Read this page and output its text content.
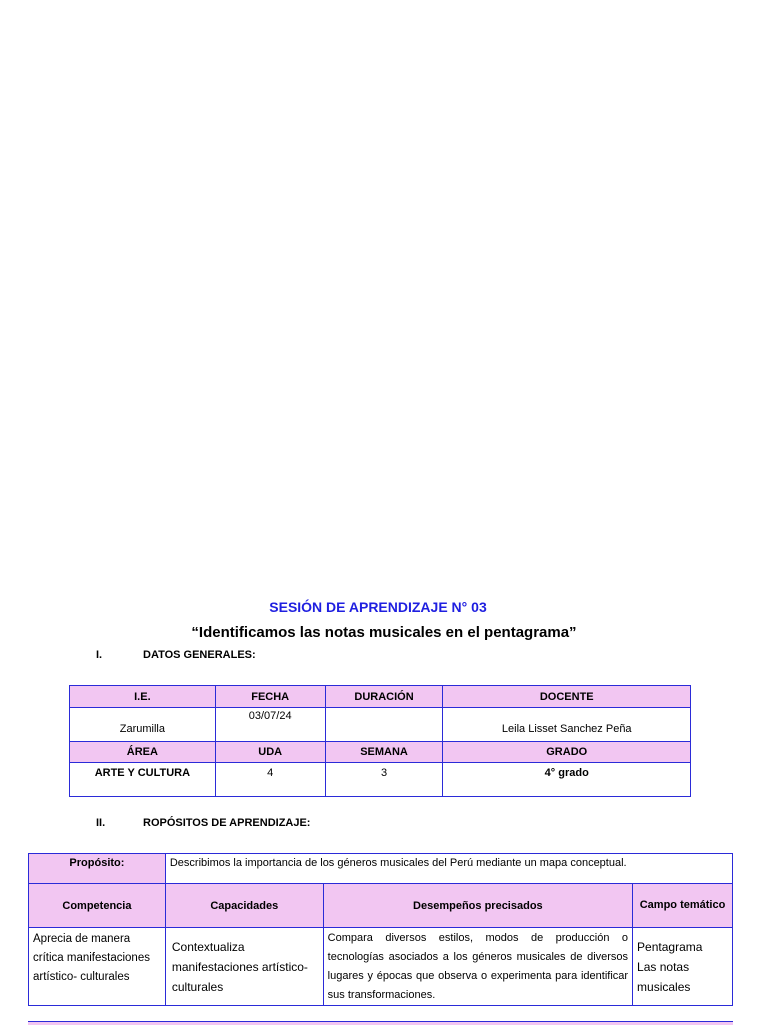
SESIÓN DE APRENDIZAJE N° 03
“Identificamos las notas musicales en el pentagrama”
I.	DATOS GENERALES:
I.E.	FECHA	DURACIÓN	DOCENTE
Zarumilla	03/07/24		Leila Lisset Sanchez Peña
ÁREA	UDA	SEMANA	GRADO
ARTE Y CULTURA	4	3	4° grado
II.	ROPÓSITOS DE APRENDIZAJE:
Propósito:	Describimos la importancia de los géneros musicales del Perú mediante un mapa conceptual.		
Competencia	Capacidades	Desempeños precisados	Campo temático
Aprecia de manera crítica manifestaciones artístico- culturales	Contextualiza manifestaciones artístico- culturales	Compara diversos estilos, modos de producción o tecnologías asociados a los géneros musicales de diversos lugares y épocas que observa o experimenta para identificar sus transformaciones.	Pentagrama
Las notas musicales
